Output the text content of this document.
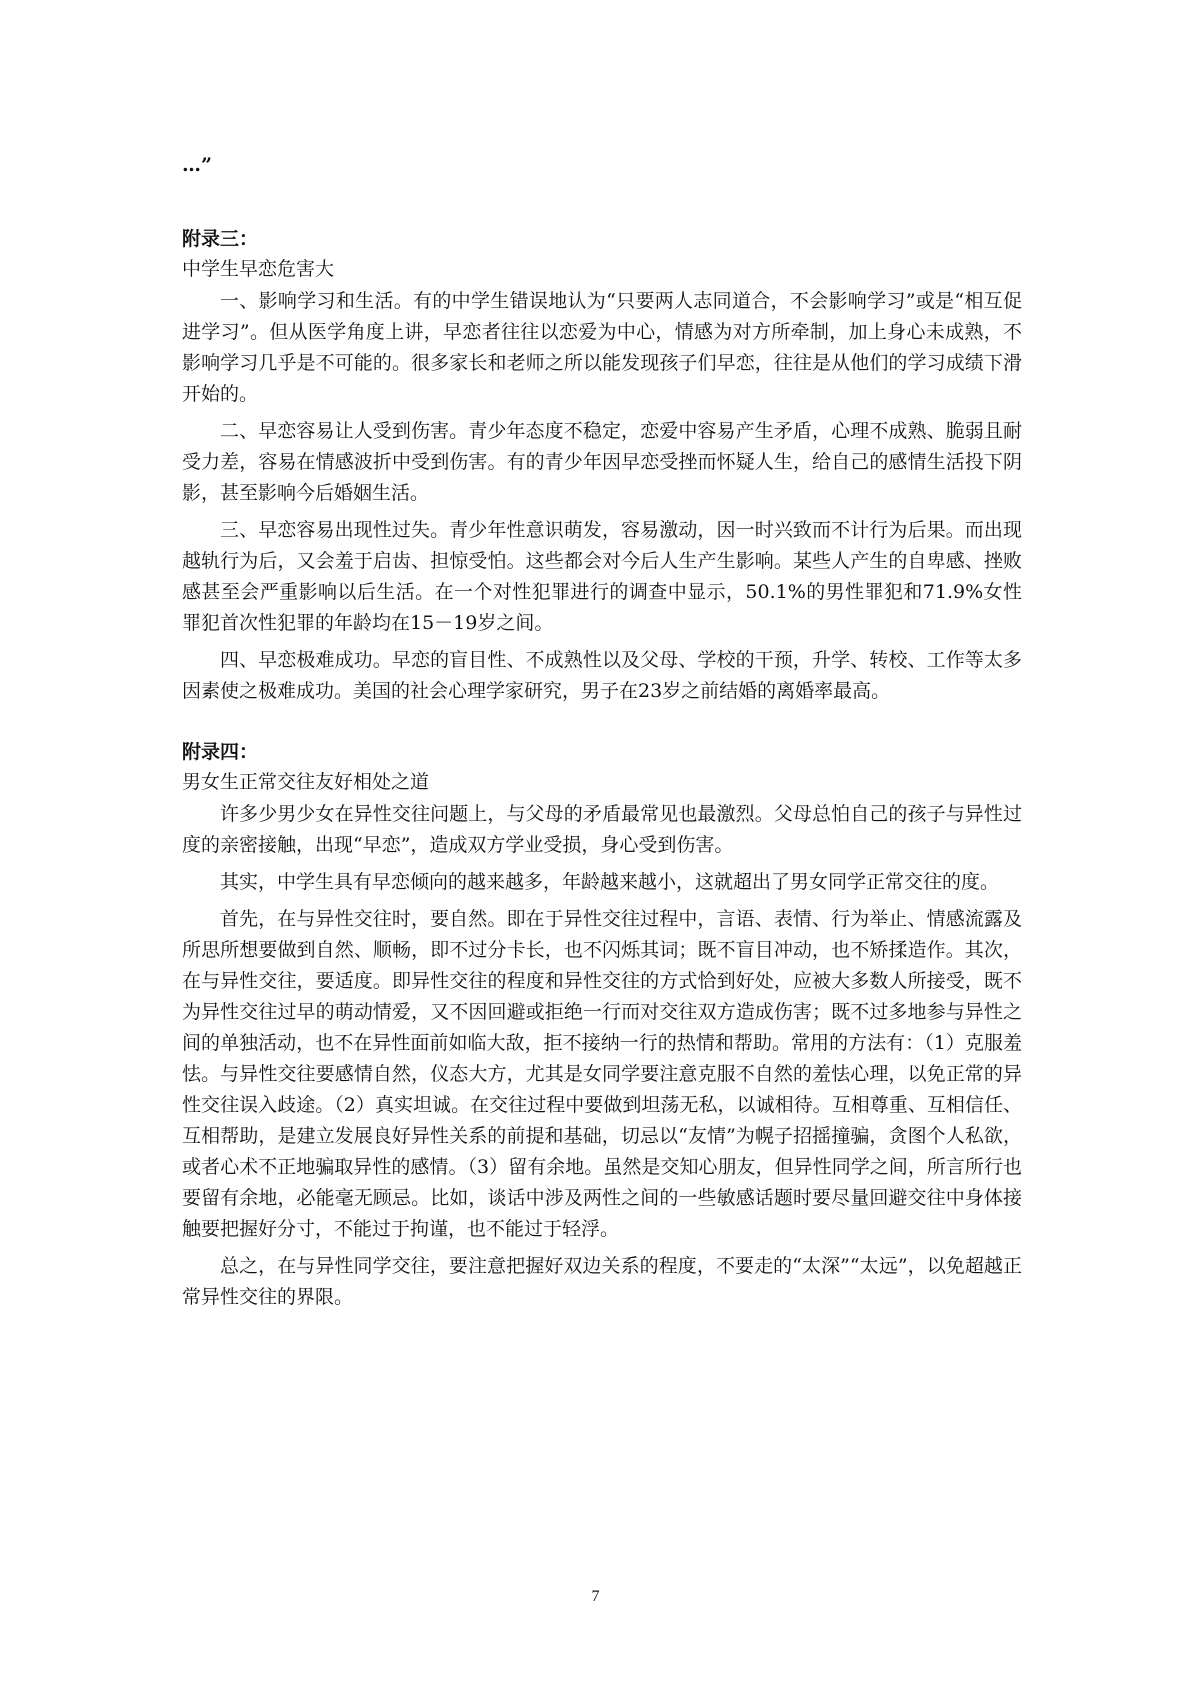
…”
附录三：
中学生早恋危害大

一、影响学习和生活。有的中学生错误地认为“只要两人志同道合，不会影响学习”或是“相互促进学习”。但从医学角度上讲，早恋者往往以恋爱为中心，情感为对方所牵制，加上身心未成熟，不影响学习几乎是不可能的。很多家长和老师之所以能发现孩子们早恋，往往是从他们的学习成绩下滑开始的。

二、早恋容易让人受到伤害。青少年态度不稳定，恋爱中容易产生矛盾，心理不成熟、脆弱且耐受力差，容易在情感波折中受到伤害。有的青少年因早恋受挫而怀疑人生，给自己的感情生活投下阴影，甚至影响今后婚姻生活。

三、早恋容易出现性过失。青少年性意识萌发，容易激动，因一时兴致而不计行为后果。而出现越轨行为后，又会羞于启齿、担惊受怕。这些都会对今后人生产生影响。某些人产生的自卑感、挫败感甚至会严重影响以后生活。在一个对性犯罪进行的调查中显示，50.1%的男性罪犯和71.9%女性罪犯首次性犯罪的年龄均在15－19岁之间。

四、早恋极难成功。早恋的盲目性、不成熟性以及父母、学校的干预，升学、转校、工作等太多因素使之极难成功。美国的社会心理学家研究，男子在23岁之前结婚的离婚率最高。

附录四：
男女生正常交往友好相处之道

许多少男少女在异性交往问题上，与父母的矛盾最常见也最激烈。父母总怕自己的孩子与异性过度的亲密接触，出现“早恋”，造成双方学业受损，身心受到伤害。

其实，中学生具有早恋倾向的越来越多，年龄越来越小，这就超出了男女同学正常交往的度。

首先，在与异性交往时，要自然。即在于异性交往过程中，言语、表情、行为举止、情感流露及所思所想要做到自然、顺畅，即不过分卡长，也不闪烁其词；既不盲目冲动，也不矫揉造作。其次，在与异性交往，要适度。即异性交往的程度和异性交往的方式恰到好处，应被大多数人所接受，既不为异性交往过早的萌动情爱，又不因回避或拒绝一行而对交往双方造成伤害；既不过多地参与异性之间的单独活动，也不在异性面前如临大敌，拒不接纳一行的热情和帮助。常用的方法有：（1）克服羞怯。与异性交往要感情自然，仪态大方，尤其是女同学要注意克服不自然的羞怯心理，以免正常的异性交往误入歧途。（2）真实坦诚。在交往过程中要做到坦荡无私，以诚相待。互相尊重、互相信任、互相帮助，是建立发展良好异性关系的前提和基础，切忌以“友情”为幌子招摇撞骗，贪图个人私欲，或者心术不正地骗取异性的感情。（3）留有余地。虽然是交知心朋友，但异性同学之间，所言所行也要留有余地，必能毫无顾忌。比如，谈话中涉及两性之间的一些敏感话题时要尽量回避交往中身体接触要把握好分寸，不能过于拘谨，也不能过于轻浮。

总之，在与异性同学交往，要注意把握好双边关系的程度，不要走的“太深”“太远”，以免超越正常异性交往的界限。

7
